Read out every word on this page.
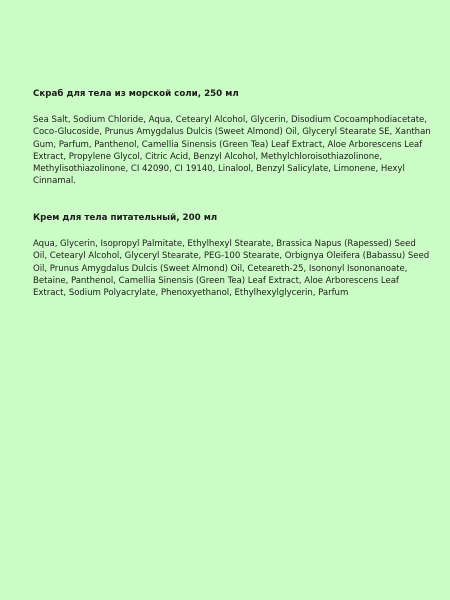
Скраб для тела из морской соли, 250 мл

Sea Salt, Sodium Chloride, Aqua, Cetearyl Alcohol, Glycerin, Disodium Cocoamphodiacetate, Coco-Glucoside, Prunus Amygdalus Dulcis (Sweet Almond) Oil, Glyceryl Stearate SE, Xanthan Gum, Parfum, Panthenol, Camellia Sinensis (Green Tea) Leaf Extract, Aloe Arborescens Leaf Extract, Propylene Glycol, Citric Acid, Benzyl Alcohol, Methylchloroisothiazolinone, Methylisothiazolinone, CI 42090, CI 19140, Linalool, Benzyl Salicylate, Limonene, Hexyl Cinnamal.

Крем для тела питательный, 200 мл

Aqua, Glycerin, Isopropyl Palmitate, Ethylhexyl Stearate, Brassica Napus (Rapessed) Seed Oil, Cetearyl Alcohol, Glyceryl Stearate, PEG-100 Stearate, Orbignya Oleifera (Babassu) Seed Oil, Prunus Amygdalus Dulcis (Sweet Almond) Oil, Ceteareth-25, Isononyl Isononanoate, Betaine, Panthenol, Camellia Sinensis (Green Tea) Leaf Extract, Aloe Arborescens Leaf Extract, Sodium Polyacrylate, Phenoxyethanol, Ethylhexylglycerin, Parfum
